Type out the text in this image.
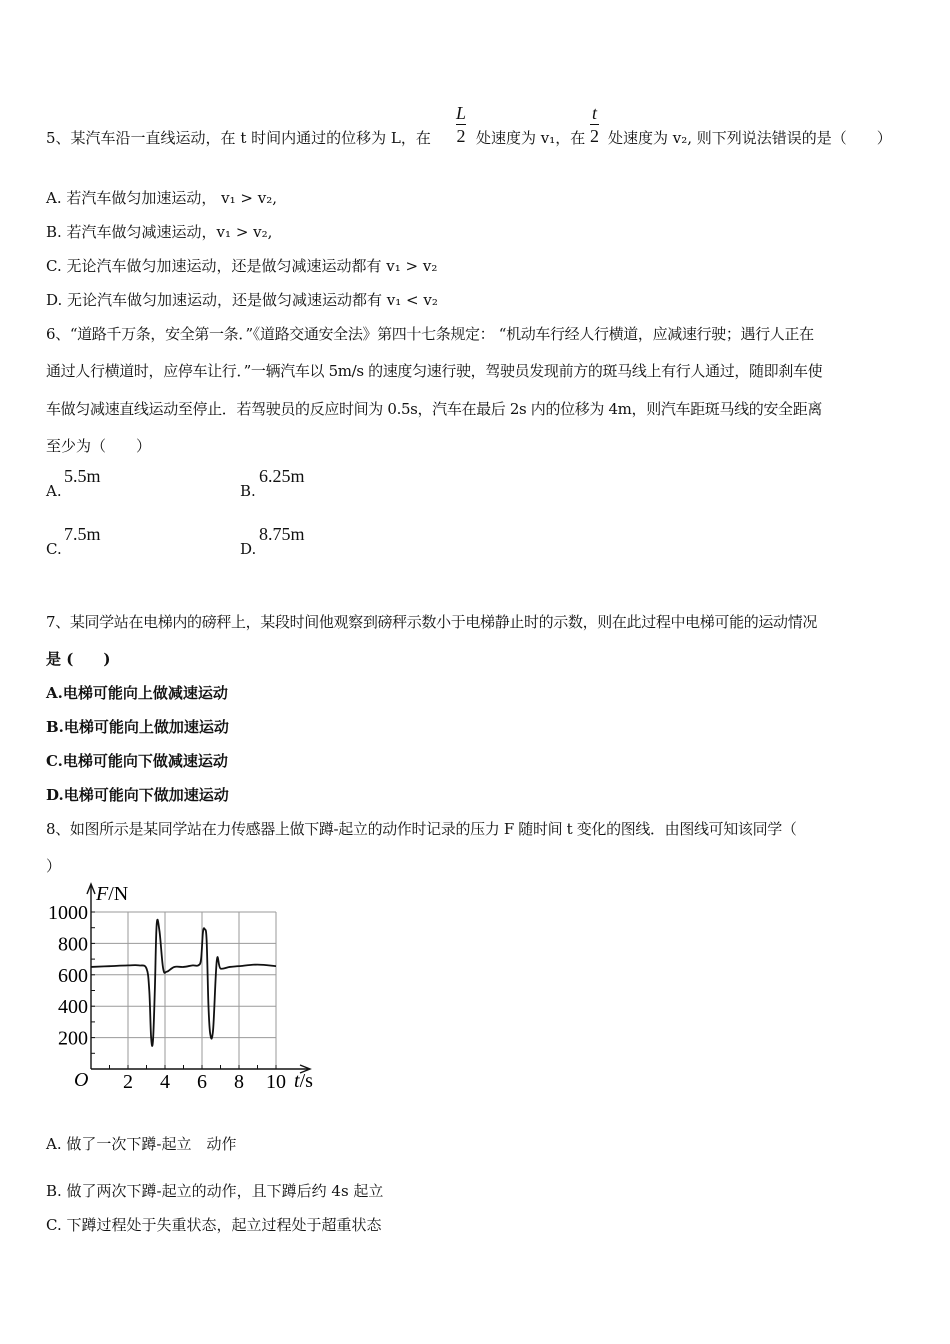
5、某汽车沿一直线运动，在 t 时间内通过的位移为 L，在
L
2 处速度为 v₁，在
t
2 处速度为 v₂, 则下列说法错误的是（　　）
A. 若汽车做匀加速运动， v₁ > v₂,
B. 若汽车做匀减速运动，v₁ > v₂,
C. 无论汽车做匀加速运动，还是做匀减速运动都有 v₁ > v₂
D. 无论汽车做匀加速运动，还是做匀减速运动都有 v₁ < v₂
6、“道路千万条，安全第一条．”《道路交通安全法》第四十七条规定： “机动车行经人行横道，应减速行驶；遇行人正在
通过人行横道时，应停车让行．”一辆汽车以 5m/s 的速度匀速行驶，驾驶员发现前方的斑马线上有行人通过，随即刹车使
车做匀减速直线运动至停止．若驾驶员的反应时间为 0.5s，汽车在最后 2s 内的位移为 4m，则汽车距斑马线的安全距离
至少为（　　）
A.
5.5m
B.
6.25m
C.
7.5m
D.
8.75m
7、某同学站在电梯内的磅秤上，某段时间他观察到磅秤示数小于电梯静止时的示数，则在此过程中电梯可能的运动情况
是 (　　)
A.电梯可能向上做减速运动
B.电梯可能向上做加速运动
C.电梯可能向下做减速运动
D.电梯可能向下做加速运动
8、如图所示是某同学站在力传感器上做下蹲-起立的动作时记录的压力 F 随时间 t 变化的图线．由图线可知该同学（
）
2 4 6 8 10
200
400
600
800
1000
F/N
t/s
O
A. 做了一次下蹲-起立　动作
B. 做了两次下蹲-起立的动作，且下蹲后约 4s 起立
C. 下蹲过程处于失重状态，起立过程处于超重状态
